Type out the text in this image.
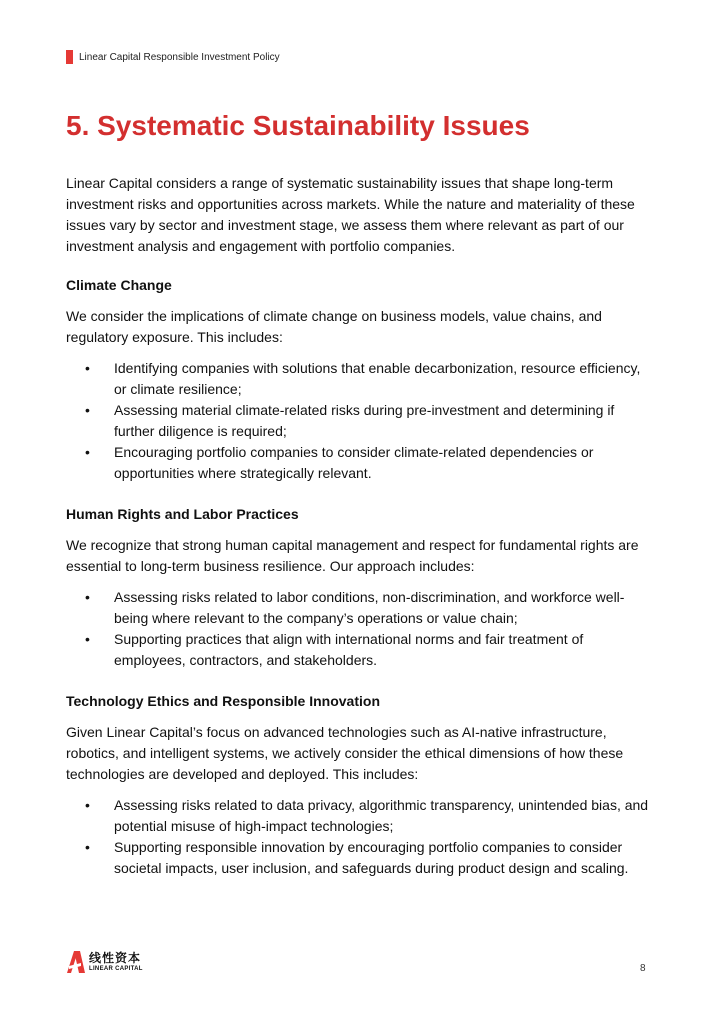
Linear Capital Responsible Investment Policy
5. Systematic Sustainability Issues

Linear Capital considers a range of systematic sustainability issues that shape long-term investment risks and opportunities across markets. While the nature and materiality of these issues vary by sector and investment stage, we assess them where relevant as part of our investment analysis and engagement with portfolio companies.

Climate Change

We consider the implications of climate change on business models, value chains, and regulatory exposure. This includes:

• Identifying companies with solutions that enable decarbonization, resource efficiency, or climate resilience;
• Assessing material climate-related risks during pre-investment and determining if further diligence is required;
• Encouraging portfolio companies to consider climate-related dependencies or opportunities where strategically relevant.
Human Rights and Labor Practices

We recognize that strong human capital management and respect for fundamental rights are essential to long-term business resilience. Our approach includes:

• Assessing risks related to labor conditions, non-discrimination, and workforce well-being where relevant to the company’s operations or value chain;
• Supporting practices that align with international norms and fair treatment of employees, contractors, and stakeholders.
Technology Ethics and Responsible Innovation

Given Linear Capital’s focus on advanced technologies such as AI-native infrastructure, robotics, and intelligent systems, we actively consider the ethical dimensions of how these technologies are developed and deployed. This includes:

• Assessing risks related to data privacy, algorithmic transparency, unintended bias, and potential misuse of high-impact technologies;
• Supporting responsible innovation by encouraging portfolio companies to consider societal impacts, user inclusion, and safeguards during product design and scaling.
线性资本
LINEAR CAPITAL	8
